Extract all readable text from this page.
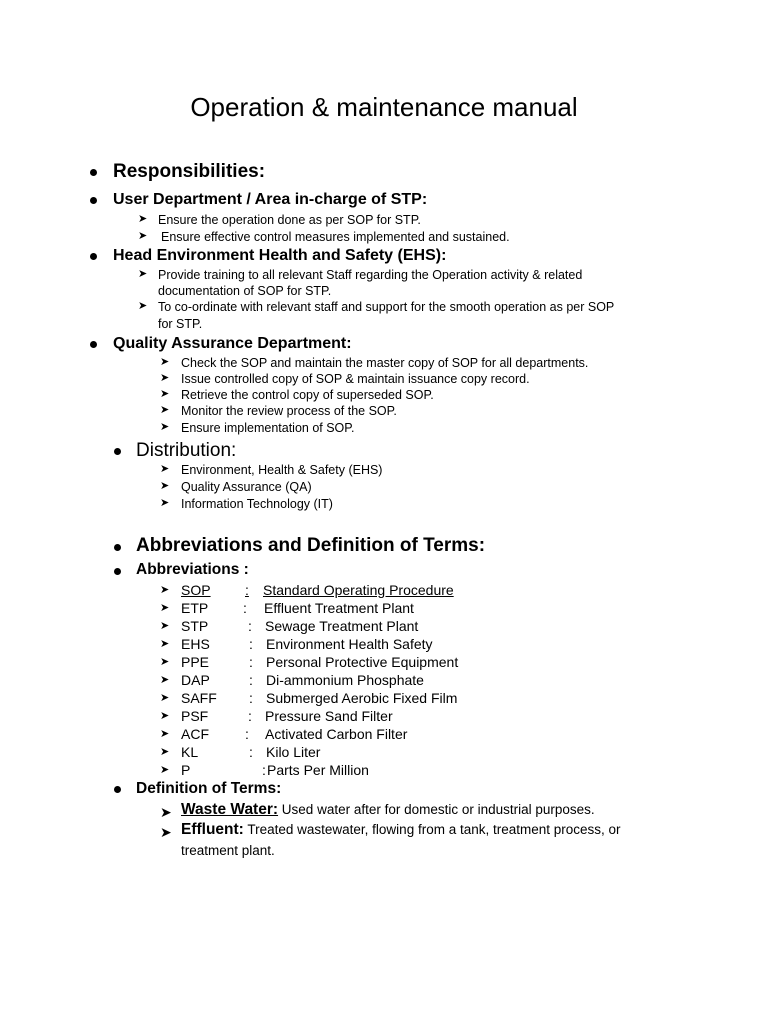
Operation & maintenance manual
Responsibilities:
User Department / Area in-charge of STP:
➤ Ensure the operation done as per SOP for STP.
➤ Ensure effective control measures implemented and sustained.
Head Environment Health and Safety (EHS):
➤ Provide training to all relevant Staff regarding the Operation activity & related
documentation of SOP for STP.
➤ To co-ordinate with relevant staff and support for the smooth operation as per SOP
for STP.
Quality Assurance Department:
➤ Check the SOP and maintain the master copy of SOP for all departments.
➤ Issue controlled copy of SOP & maintain issuance copy record.
➤ Retrieve the control copy of superseded SOP.
➤ Monitor the review process of the SOP.
➤ Ensure implementation of SOP.
Distribution:
➤ Environment, Health & Safety (EHS)
➤ Quality Assurance (QA)
➤ Information Technology (IT)
Abbreviations and Definition of Terms:
Abbreviations :
➤ SOP	:	Standard Operating Procedure
➤ ETP : Effluent Treatment Plant
➤ STP	: Sewage Treatment Plant
➤ EHS	: Environment Health Safety
➤ PPE	: Personal Protective Equipment
➤ DAP	: Di-ammonium Phosphate
➤ SAFF : Submerged Aerobic Fixed Film
➤ PSF	: Pressure Sand Filter
➤ ACF	: Activated Carbon Filter
➤ KL	: Kilo Liter
➤ P	: Parts Per Million
Definition of Terms:
➤ Waste Water: Used water after for domestic or industrial purposes.
➤ Effluent: Treated wastewater, flowing from a tank, treatment process, or
treatment plant.
